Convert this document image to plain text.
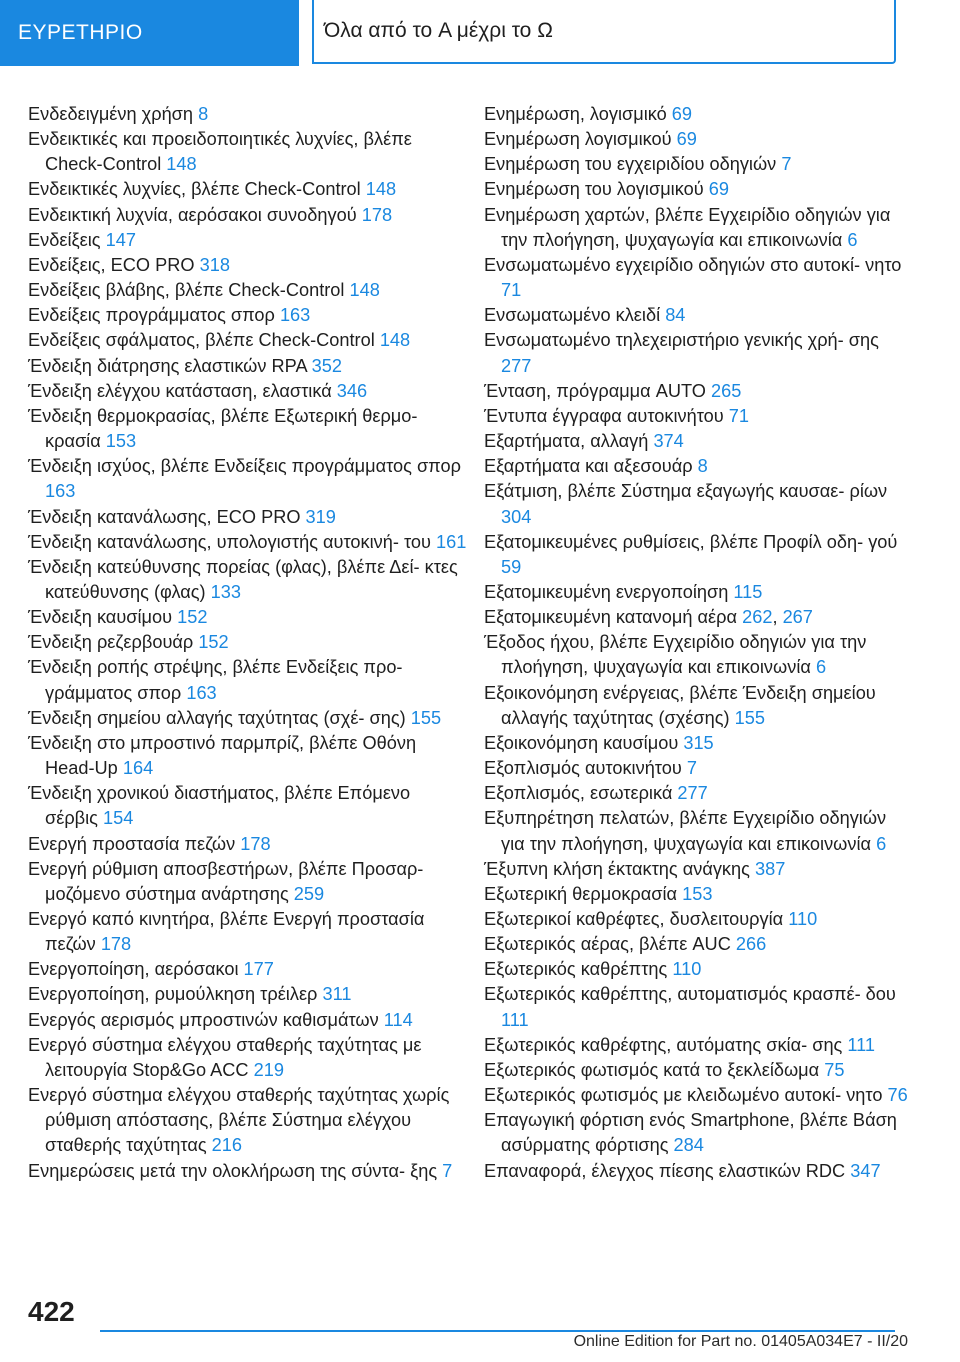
ΕΥΡΕΤΗΡΙΟ	Όλα από το A μέχρι το Ω
Ενδεδειγμένη χρήση 8
Ενδεικτικές και προειδοποιητικές λυχνίες, βλέπε Check-Control 148
Ενδεικτικές λυχνίες, βλέπε Check-Control 148
Ενδεικτική λυχνία, αερόσακοι συνοδηγού 178
Ενδείξεις 147
Ενδείξεις, ECO PRO 318
Ενδείξεις βλάβης, βλέπε Check-Control 148
Ενδείξεις προγράμματος σπορ 163
Ενδείξεις σφάλματος, βλέπε Check-Control 148
Ένδειξη διάτρησης ελαστικών RPA 352
Ένδειξη ελέγχου κατάσταση, ελαστικά 346
Ένδειξη θερμοκρασίας, βλέπε Εξωτερική θερμο- κρασία 153
Ένδειξη ισχύος, βλέπε Ενδείξεις προγράμματος σπορ 163
Ένδειξη κατανάλωσης, ECO PRO 319
Ένδειξη κατανάλωσης, υπολογιστής αυτοκινή- του 161
Ένδειξη κατεύθυνσης πορείας (φλας), βλέπε Δεί- κτες κατεύθυνσης (φλας) 133
Ένδειξη καυσίμου 152
Ένδειξη ρεζερβουάρ 152
Ένδειξη ροπής στρέψης, βλέπε Ενδείξεις προ- γράμματος σπορ 163
Ένδειξη σημείου αλλαγής ταχύτητας (σχέ- σης) 155
Ένδειξη στο μπροστινό παρμπρίζ, βλέπε Οθόνη Head-Up 164
Ένδειξη χρονικού διαστήματος, βλέπε Επόμενο σέρβις 154
Ενεργή προστασία πεζών 178
Ενεργή ρύθμιση αποσβεστήρων, βλέπε Προσαρ- μοζόμενο σύστημα ανάρτησης 259
Ενεργό καπό κινητήρα, βλέπε Ενεργή προστασία πεζών 178
Ενεργοποίηση, αερόσακοι 177
Ενεργοποίηση, ρυμούλκηση τρέιλερ 311
Ενεργός αερισμός μπροστινών καθισμάτων 114
Ενεργό σύστημα ελέγχου σταθερής ταχύτητας με λειτουργία Stop&Go ACC 219
Ενεργό σύστημα ελέγχου σταθερής ταχύτητας χωρίς ρύθμιση απόστασης, βλέπε Σύστημα ελέγχου σταθερής ταχύτητας 216
Ενημερώσεις μετά την ολοκλήρωση της σύντα- ξης 7
Ενημέρωση, λογισμικό 69
Ενημέρωση λογισμικού 69
Ενημέρωση του εγχειριδίου οδηγιών 7
Ενημέρωση του λογισμικού 69
Ενημέρωση χαρτών, βλέπε Εγχειρίδιο οδηγιών για την πλοήγηση, ψυχαγωγία και επικοινωνία 6
Ενσωματωμένο εγχειρίδιο οδηγιών στο αυτοκί- νητο 71
Ενσωματωμένο κλειδί 84
Ενσωματωμένο τηλεχειριστήριο γενικής χρή- σης 277
Ένταση, πρόγραμμα AUTO 265
Έντυπα έγγραφα αυτοκινήτου 71
Εξαρτήματα, αλλαγή 374
Εξαρτήματα και αξεσουάρ 8
Εξάτμιση, βλέπε Σύστημα εξαγωγής καυσαε- ρίων 304
Εξατομικευμένες ρυθμίσεις, βλέπε Προφίλ οδη- γού 59
Εξατομικευμένη ενεργοποίηση 115
Εξατομικευμένη κατανομή αέρα 262, 267
Έξοδος ήχου, βλέπε Εγχειρίδιο οδηγιών για την πλοήγηση, ψυχαγωγία και επικοινωνία 6
Εξοικονόμηση ενέργειας, βλέπε Ένδειξη σημείου αλλαγής ταχύτητας (σχέσης) 155
Εξοικονόμηση καυσίμου 315
Εξοπλισμός αυτοκινήτου 7
Εξοπλισμός, εσωτερικά 277
Εξυπηρέτηση πελατών, βλέπε Εγχειρίδιο οδηγιών για την πλοήγηση, ψυχαγωγία και επικοινωνία 6
Έξυπνη κλήση έκτακτης ανάγκης 387
Εξωτερική θερμοκρασία 153
Εξωτερικοί καθρέφτες, δυσλειτουργία 110
Εξωτερικός αέρας, βλέπε AUC 266
Εξωτερικός καθρέπτης 110
Εξωτερικός καθρέπτης, αυτοματισμός κρασπέ- δου 111
Εξωτερικός καθρέφτης, αυτόματης σκία- σης 111
Εξωτερικός φωτισμός κατά το ξεκλείδωμα 75
Εξωτερικός φωτισμός με κλειδωμένο αυτοκί- νητο 76
Επαγωγική φόρτιση ενός Smartphone, βλέπε Βάση ασύρματης φόρτισης 284
Επαναφορά, έλεγχος πίεσης ελαστικών RDC 347
422
Online Edition for Part no. 01405A034E7 - II/20
